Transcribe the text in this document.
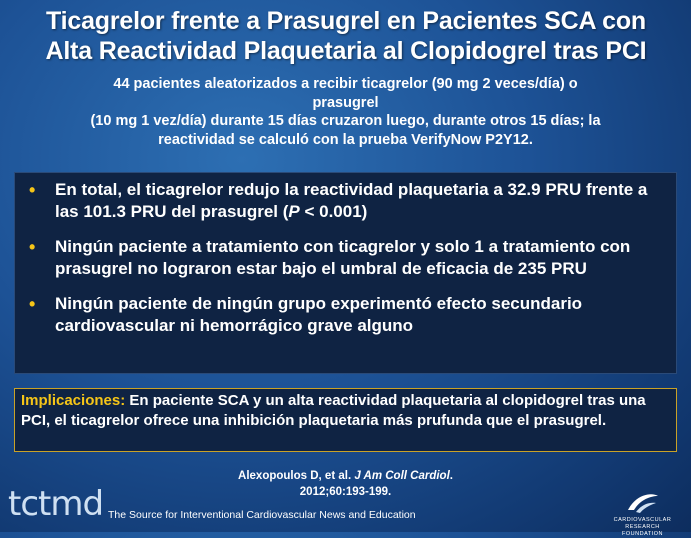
Ticagrelor frente a Prasugrel en Pacientes SCA con
Alta Reactividad Plaquetaria al Clopidogrel tras PCI
44 pacientes aleatorizados a recibir ticagrelor (90 mg 2 veces/día) o
prasugrel
(10 mg 1 vez/día) durante 15 días cruzaron luego, durante otros 15 días; la
reactividad se calculó con la prueba VerifyNow P2Y12.
• En total, el ticagrelor redujo la reactividad plaquetaria a 32.9 PRU frente a las 101.3 PRU del prasugrel (P < 0.001)
• Ningún paciente a tratamiento con ticagrelor y solo 1 a tratamiento con prasugrel no lograron estar bajo el umbral de eficacia de 235 PRU
• Ningún paciente de ningún grupo experimentó efecto secundario cardiovascular ni hemorrágico grave alguno
Implicaciones: En paciente SCA y un alta reactividad plaquetaria al clopidogrel tras una PCI, el ticagrelor ofrece una inhibición plaquetaria más prufunda que el prasugrel.
Alexopoulos D, et al. J Am Coll Cardiol.
2012;60:193-199.
tctmd The Source for Interventional Cardiovascular News and Education	CARDIOVASCULAR RESEARCH
FOUNDATION
